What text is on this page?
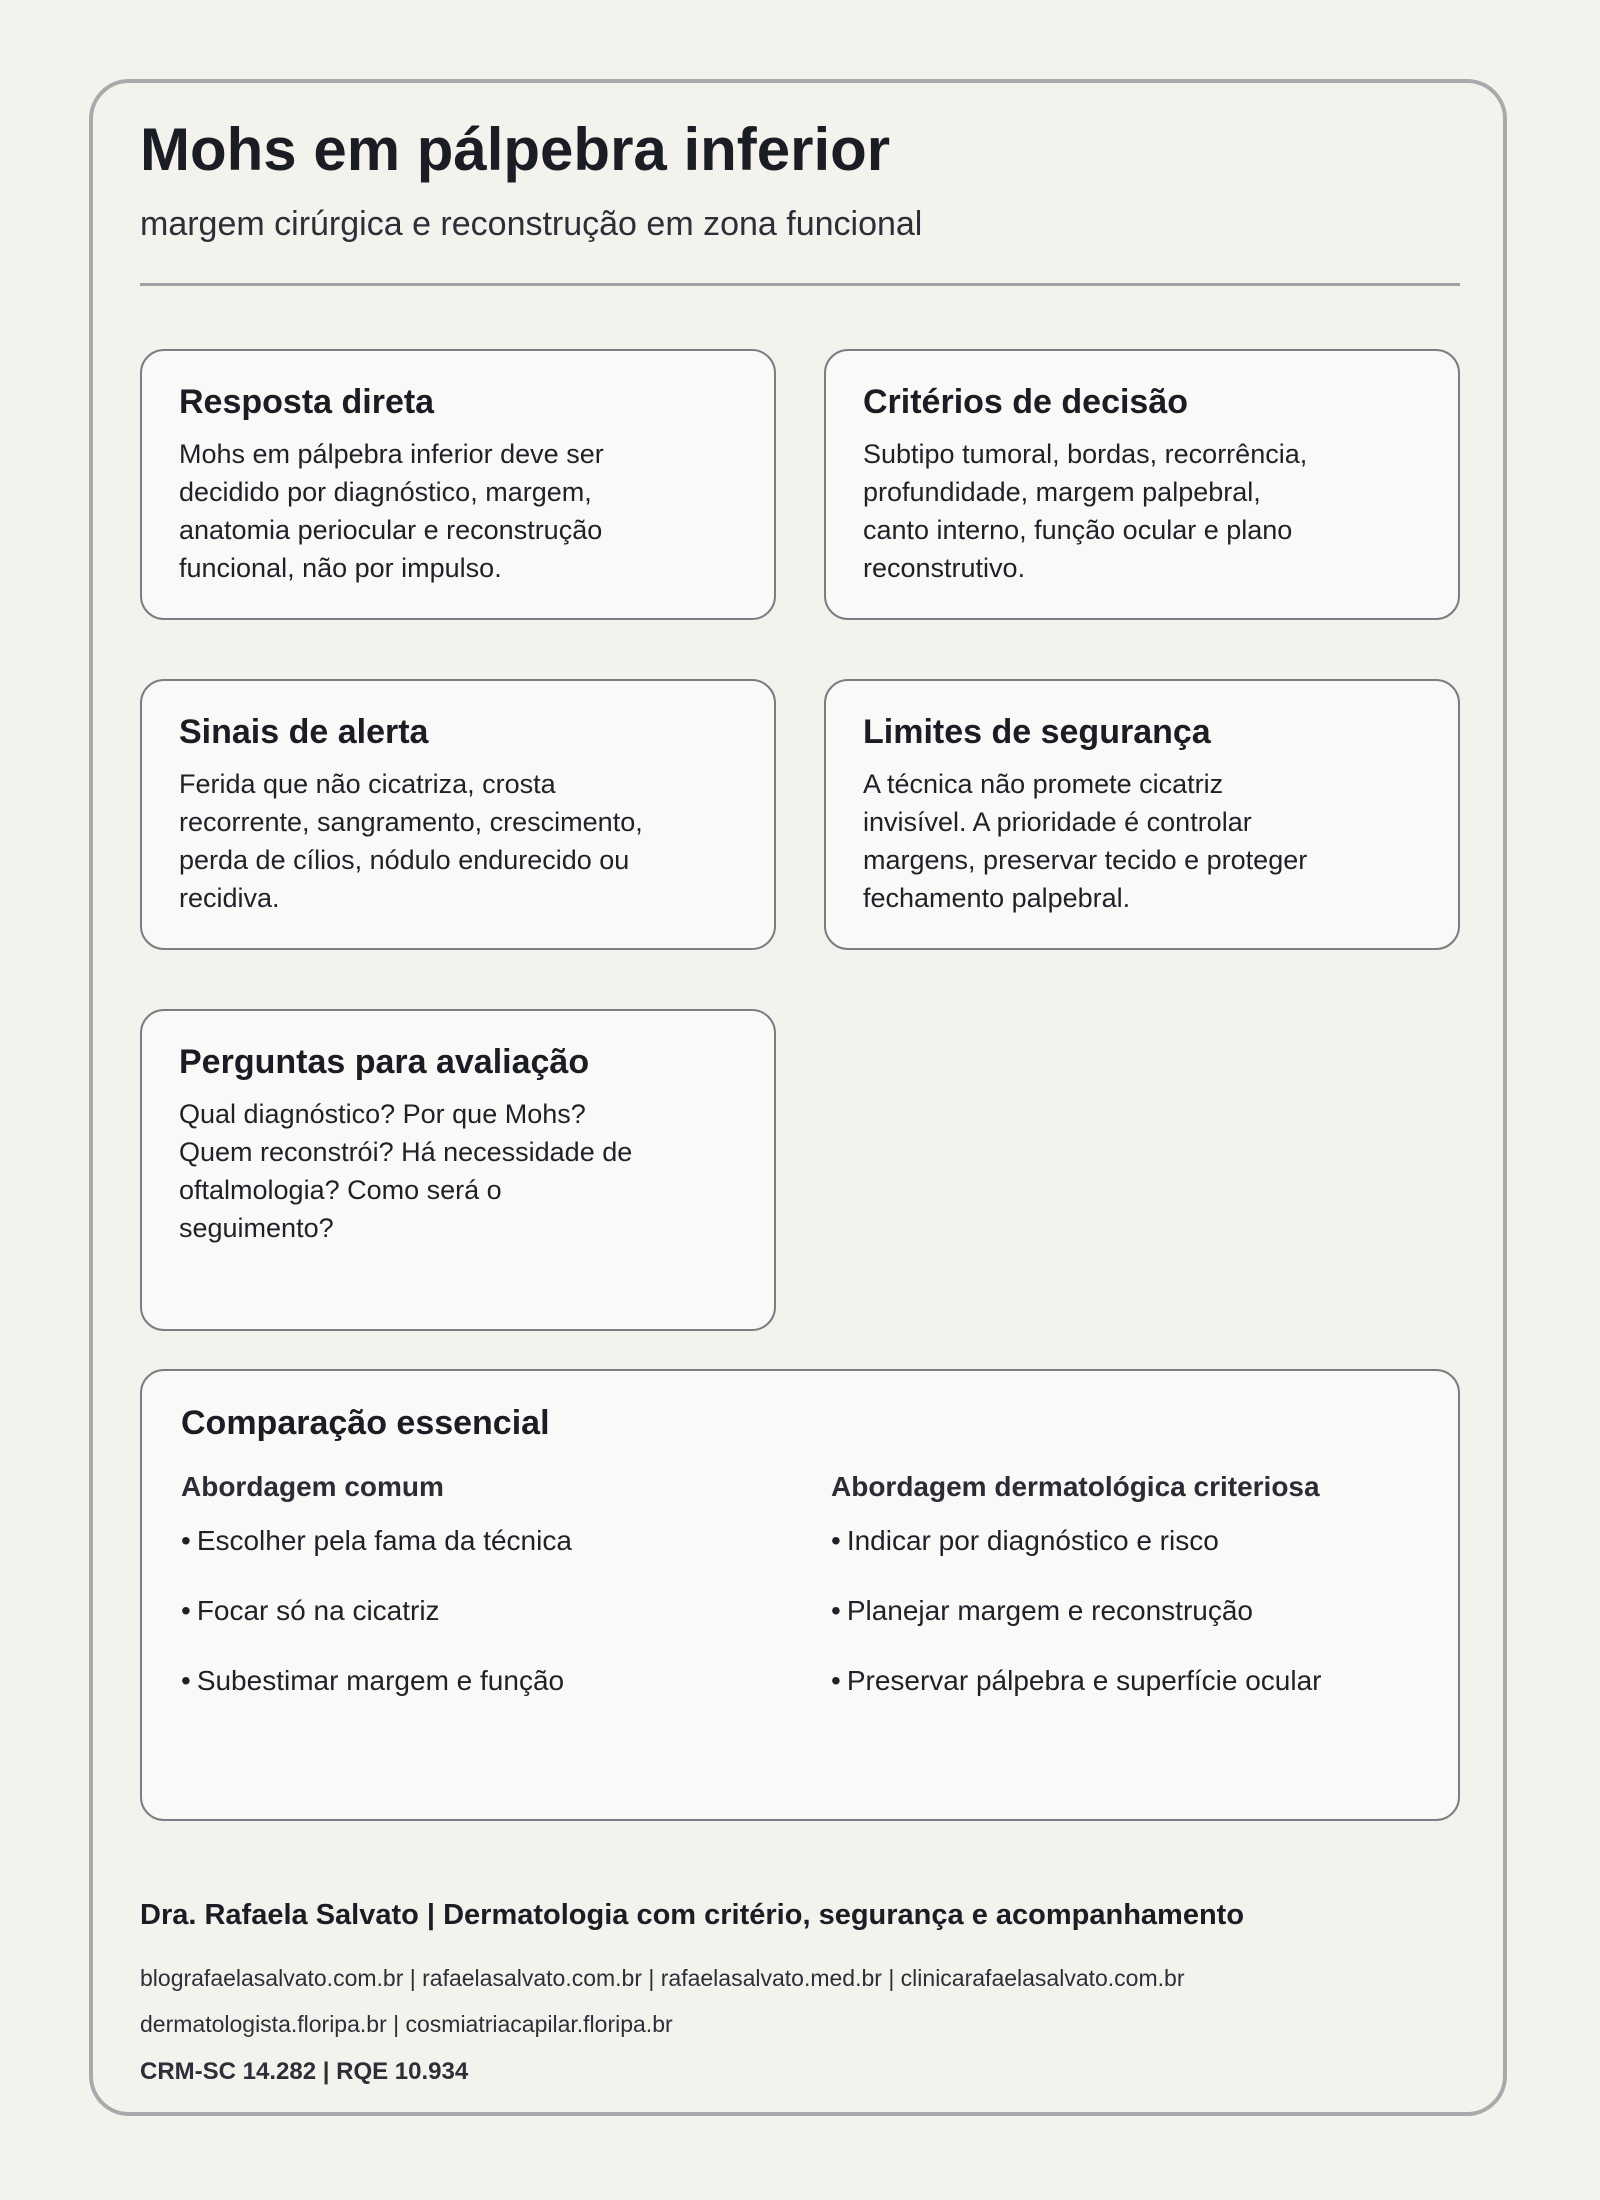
Mohs em pálpebra inferior
margem cirúrgica e reconstrução em zona funcional
Resposta direta

Mohs em pálpebra inferior deve ser decidido por diagnóstico, margem, anatomia periocular e reconstrução funcional, não por impulso.

Critérios de decisão

Subtipo tumoral, bordas, recorrência, profundidade, margem palpebral, canto interno, função ocular e plano reconstrutivo.

Sinais de alerta

Ferida que não cicatriza, crosta recorrente, sangramento, crescimento, perda de cílios, nódulo endurecido ou recidiva.

Limites de segurança

A técnica não promete cicatriz invisível. A prioridade é controlar margens, preservar tecido e proteger fechamento palpebral.

Perguntas para avaliação

Qual diagnóstico? Por que Mohs? Quem reconstrói? Há necessidade de oftalmologia? Como será o seguimento?

Comparação essencial
Abordagem comum
• Escolher pela fama da técnica
• Focar só na cicatriz
• Subestimar margem e função
Abordagem dermatológica criteriosa
• Indicar por diagnóstico e risco
• Planejar margem e reconstrução
• Preservar pálpebra e superfície ocular
Dra. Rafaela Salvato | Dermatologia com critério, segurança e acompanhamento
blografaelasalvato.com.br | rafaelasalvato.com.br | rafaelasalvato.med.br | clinicarafaelasalvato.com.br
dermatologista.floripa.br | cosmiatriacapilar.floripa.br
CRM-SC 14.282 | RQE 10.934
